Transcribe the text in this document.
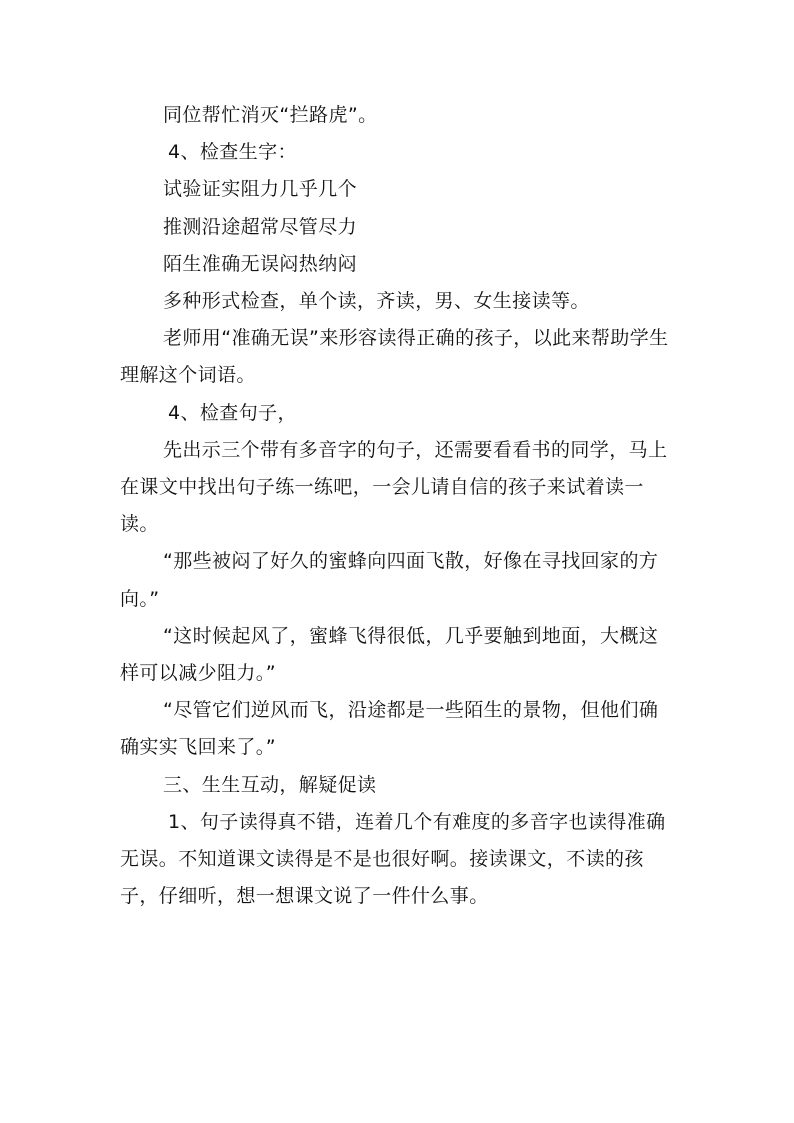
同位帮忙消灭“拦路虎”。

4、检查生字：

试验证实阻力几乎几个

推测沿途超常尽管尽力

陌生准确无误闷热纳闷

多种形式检查，单个读，齐读，男、女生接读等。

老师用“准确无误”来形容读得正确的孩子，以此来帮助学生理解这个词语。

4、检查句子，

先出示三个带有多音字的句子，还需要看看书的同学，马上在课文中找出句子练一练吧，一会儿请自信的孩子来试着读一读。

“那些被闷了好久的蜜蜂向四面飞散，好像在寻找回家的方向。”

“这时候起风了，蜜蜂飞得很低，几乎要触到地面，大概这样可以减少阻力。”

“尽管它们逆风而飞，沿途都是一些陌生的景物，但他们确确实实飞回来了。”

三、生生互动，解疑促读

1、句子读得真不错，连着几个有难度的多音字也读得准确无误。不知道课文读得是不是也很好啊。接读课文，不读的孩子，仔细听，想一想课文说了一件什么事。
